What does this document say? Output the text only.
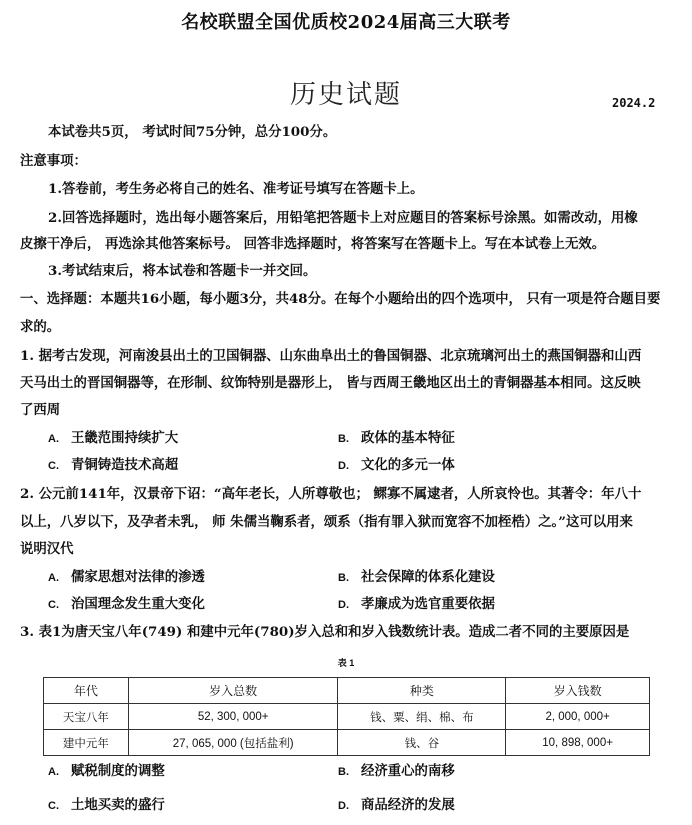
名校联盟全国优质校2024届高三大联考
历史试题	2024.2
本试卷共5页， 考试时间75分钟，总分100分。
注意事项：
1.答卷前，考生务必将自己的姓名、准考证号填写在答题卡上。
2.回答选择题时，选出每小题答案后，用铅笔把答题卡上对应题目的答案标号涂黑。如需改动，用橡
皮擦干净后， 再选涂其他答案标号。 回答非选择题时，将答案写在答题卡上。写在本试卷上无效。
3.考试结束后，将本试卷和答题卡一并交回。
一、选择题：本题共16小题，每小题3分，共48分。在每个小题给出的四个选项中， 只有一项是符合题目要
求的。
1. 据考古发现，河南浚县出土的卫国铜器、山东曲阜出土的鲁国铜器、北京琉璃河出土的燕国铜器和山西
天马出土的晋国铜器等，在形制、纹饰特别是器形上， 皆与西周王畿地区出土的青铜器基本相同。这反映
了西周
A. 王畿范围持续扩大	B. 政体的基本特征
C. 青铜铸造技术高超	D. 文化的多元一体
2. 公元前141年，汉景帝下诏：“高年老长，人所尊敬也； 鳏寡不属逮者，人所哀怜也。其著令：年八十
以上，八岁以下，及孕者未乳， 师 朱儒当鞠系者，颂系（指有罪入狱而宽容不加桎梏）之。”这可以用来
说明汉代
A. 儒家思想对法律的渗透	B. 社会保障的体系化建设
C. 治国理念发生重大变化	D. 孝廉成为选官重要依据
3. 表1为唐天宝八年(749) 和建中元年(780)岁入总和和岁入钱数统计表。造成二者不同的主要原因是
表 1
年代	岁入总数	种类	岁入钱数
天宝八年	52, 300, 000+	钱、粟、绢、棉、布	2, 000, 000+
建中元年	27, 065, 000 (包括盐利)	钱、谷	10, 898, 000+
A. 赋税制度的调整	B. 经济重心的南移
C. 土地买卖的盛行	D. 商品经济的发展
